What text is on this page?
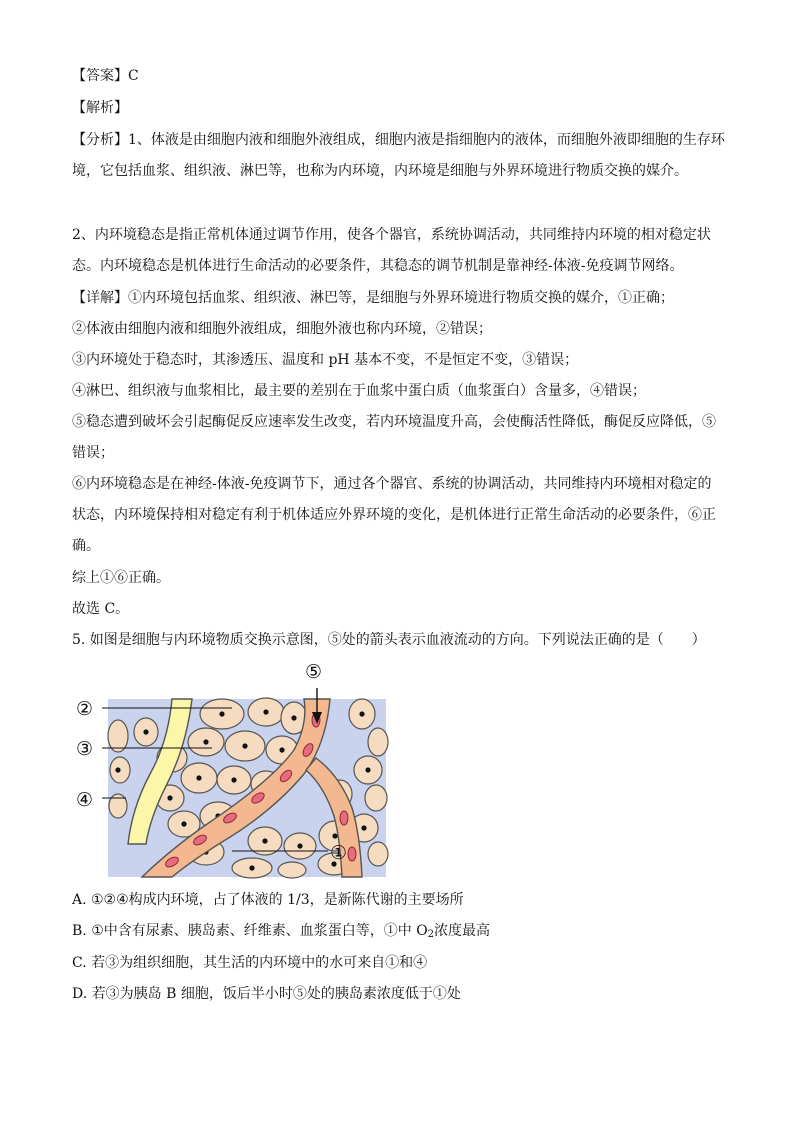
【答案】C
【解析】
【分析】1、体液是由细胞内液和细胞外液组成，细胞内液是指细胞内的液体，而细胞外液即细胞的生存环
境，它包括血浆、组织液、淋巴等，也称为内环境，内环境是细胞与外界环境进行物质交换的媒介。
2、内环境稳态是指正常机体通过调节作用，使各个器官，系统协调活动，共同维持内环境的相对稳定状
态。内环境稳态是机体进行生命活动的必要条件，其稳态的调节机制是靠神经-体液-免疫调节网络。
【详解】①内环境包括血浆、组织液、淋巴等，是细胞与外界环境进行物质交换的媒介，①正确；
②体液由细胞内液和细胞外液组成，细胞外液也称内环境，②错误；
③内环境处于稳态时，其渗透压、温度和 pH 基本不变，不是恒定不变，③错误；
④淋巴、组织液与血浆相比，最主要的差别在于血浆中蛋白质（血浆蛋白）含量多，④错误；
⑤稳态遭到破坏会引起酶促反应速率发生改变，若内环境温度升高，会使酶活性降低，酶促反应降低，⑤
错误；
⑥内环境稳态是在神经-体液-免疫调节下，通过各个器官、系统的协调活动，共同维持内环境相对稳定的
状态，内环境保持相对稳定有利于机体适应外界环境的变化，是机体进行正常生命活动的必要条件，⑥正
确。
综上①⑥正确。
故选 C。
5. 如图是细胞与内环境物质交换示意图，⑤处的箭头表示血液流动的方向。下列说法正确的是（　　）
②
③
④
①
⑤
A. ①②④构成内环境，占了体液的 1/3，是新陈代谢的主要场所
B. ①中含有尿素、胰岛素、纤维素、血浆蛋白等，①中 $O_2$浓度最高
C. 若③为组织细胞，其生活的内环境中的水可来自①和④
D. 若③为胰岛 B 细胞，饭后半小时⑤处的胰岛素浓度低于①处
